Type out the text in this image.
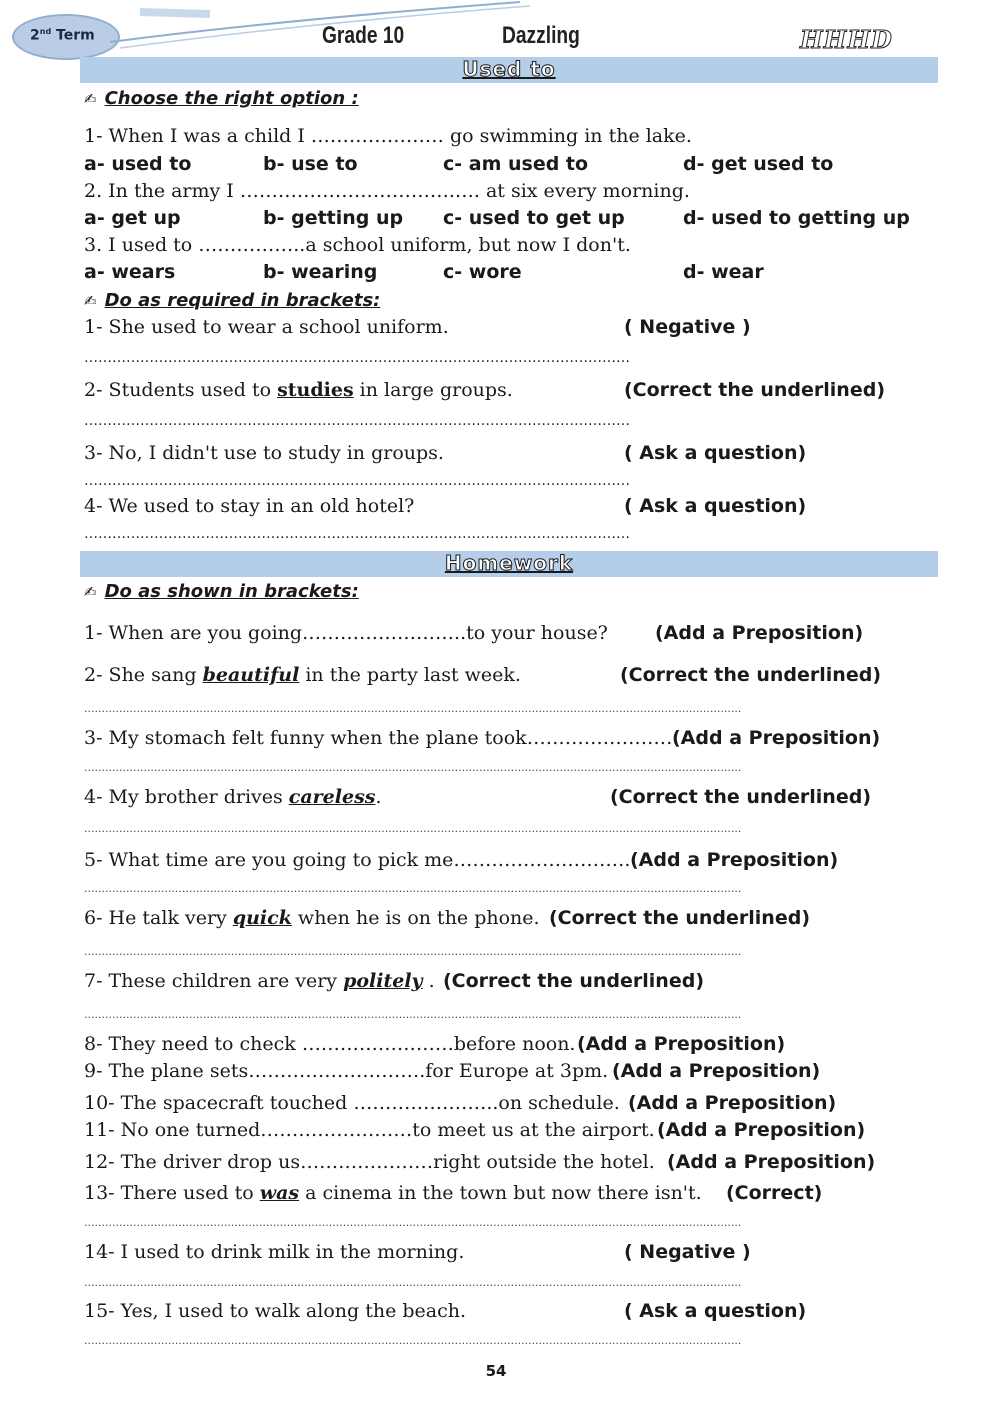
2nd Term	Grade 10	Dazzling	HHHD
Used to
✍ Choose the right option :
1- When I was a child I ………………… go swimming in the lake.
a- used to	b- use to	c- am used to	d- get used to
2. In the army I …………………………….…. at six every morning.
a- get up	b- getting up c- used to get up	d- used to getting up
3. I used to ……………..a school uniform, but now I don't.
a- wears	b- wearing	c- wore	d- wear
✍ Do as required in brackets:
1- She used to wear a school uniform.	( Negative )
………………………………………………………………………………………………………
2- Students used to studies in large groups.	(Correct the underlined)
………………………………………………………………………………………………………
3- No, I didn't use to study in groups.	( Ask a question)
………………………………………………………………………………………………………
4- We used to stay in an old hotel?	( Ask a question)
………………………………………………………………………………………………………
Homework
✍ Do as shown in brackets:
1- When are you going……………………..to your house? (Add a Preposition)
2- She sang beautiful in the party last week.	(Correct the underlined)
............................................................................................................................................................................................
3- My stomach felt funny when the plane took……………………
(Add a Preposition)
............................................................................................................................................................................................
4- My brother drives careless.	(Correct the underlined)
............................................................................................................................................................................................
5- What time are you going to pick me………………………. (Add a Preposition)
............................................................................................................................................................................................
6- He talk very quick when he is on the phone. (Correct the underlined)
............................................................................................................................................................................................
7- These children are very politely . (Correct the underlined)
............................................................................................................................................................................................
8- They need to check ……………………before noon. (Add a Preposition)
9- The plane sets……………………….for Europe at 3pm. (Add a Preposition)
10- The spacecraft touched …………………..on schedule. (Add a Preposition)
11- No one turned……………………to meet us at the airport. (Add a Preposition)
12- The driver drop us…………………right outside the hotel. (Add a Preposition)
13- There used to was a cinema in the town but now there isn't. (Correct)
............................................................................................................................................................................................
14- I used to drink milk in the morning.	( Negative )
............................................................................................................................................................................................
15- Yes, I used to walk along the beach.	( Ask a question)
............................................................................................................................................................................................
54
